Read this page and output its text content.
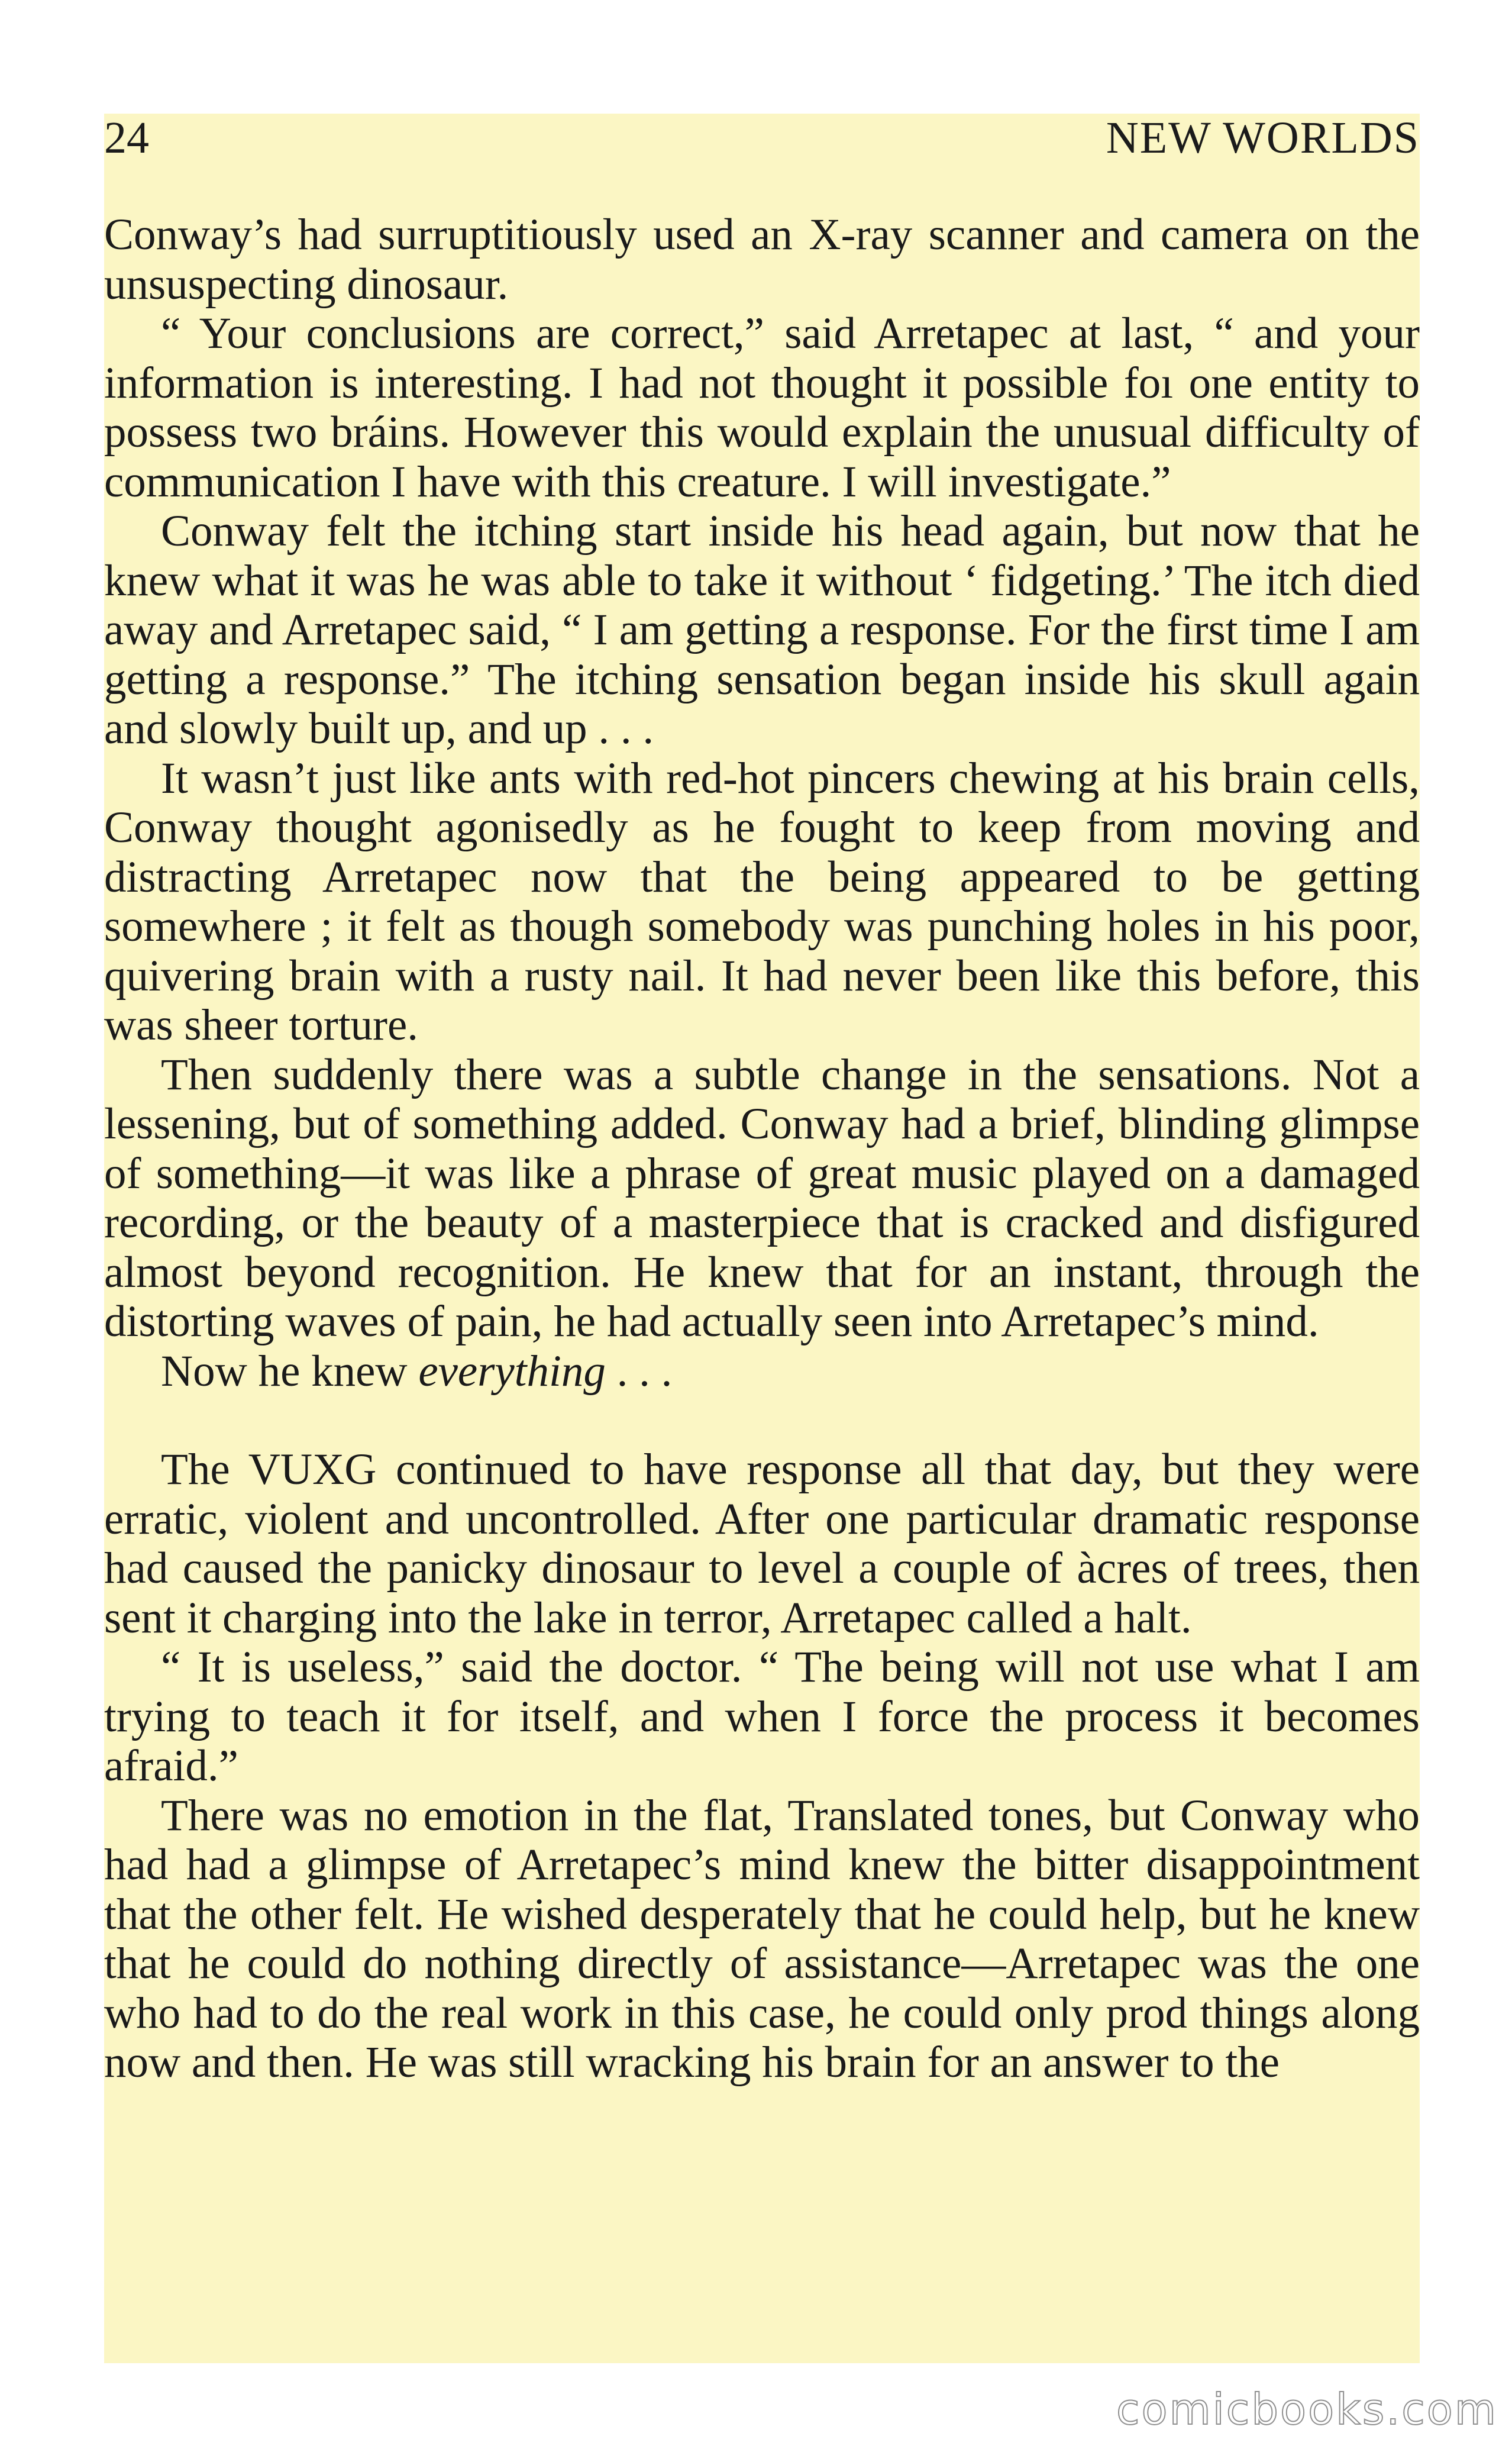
24	NEW WORLDS

Conway’s had surruptitiously used an X-ray scanner and camera on the unsuspecting dinosaur.

“ Your conclusions are correct,” said Arretapec at last, “ and your information is interesting. I had not thought it possible foı one entity to possess two bráins. However this would explain the unusual difficulty of communication I have with this creature. I will investigate.”

Conway felt the itching start inside his head again, but now that he knew what it was he was able to take it without ‘ fidgeting.’ The itch died away and Arretapec said, “ I am getting a response. For the first time I am getting a response.” The itching sensation began inside his skull again and slowly built up, and up . . .

It wasn’t just like ants with red-hot pincers chewing at his brain cells, Conway thought agonisedly as he fought to keep from moving and distracting Arretapec now that the being appeared to be getting somewhere ; it felt as though somebody was punching holes in his poor, quivering brain with a rusty nail. It had never been like this before, this was sheer torture.

Then suddenly there was a subtle change in the sensations. Not a lessening, but of something added. Conway had a brief, blinding glimpse of something—it was like a phrase of great music played on a damaged recording, or the beauty of a masterpiece that is cracked and disfigured almost beyond recognition. He knew that for an instant, through the distorting waves of pain, he had actually seen into Arretapec’s mind.

Now he knew everything . . .

The VUXG continued to have response all that day, but they were erratic, violent and uncontrolled. After one particular dramatic response had caused the panicky dinosaur to level a couple of àcres of trees, then sent it charging into the lake in terror, Arretapec called a halt.

“ It is useless,” said the doctor. “ The being will not use what I am trying to teach it for itself, and when I force the process it becomes afraid.”

There was no emotion in the flat, Translated tones, but Conway who had had a glimpse of Arretapec’s mind knew the bitter disappointment that the other felt. He wished desperately that he could help, but he knew that he could do nothing directly of assistance—Arretapec was the one who had to do the real work in this case, he could only prod things along now and then. He was still wracking his brain for an answer to the

comicbooks.com
